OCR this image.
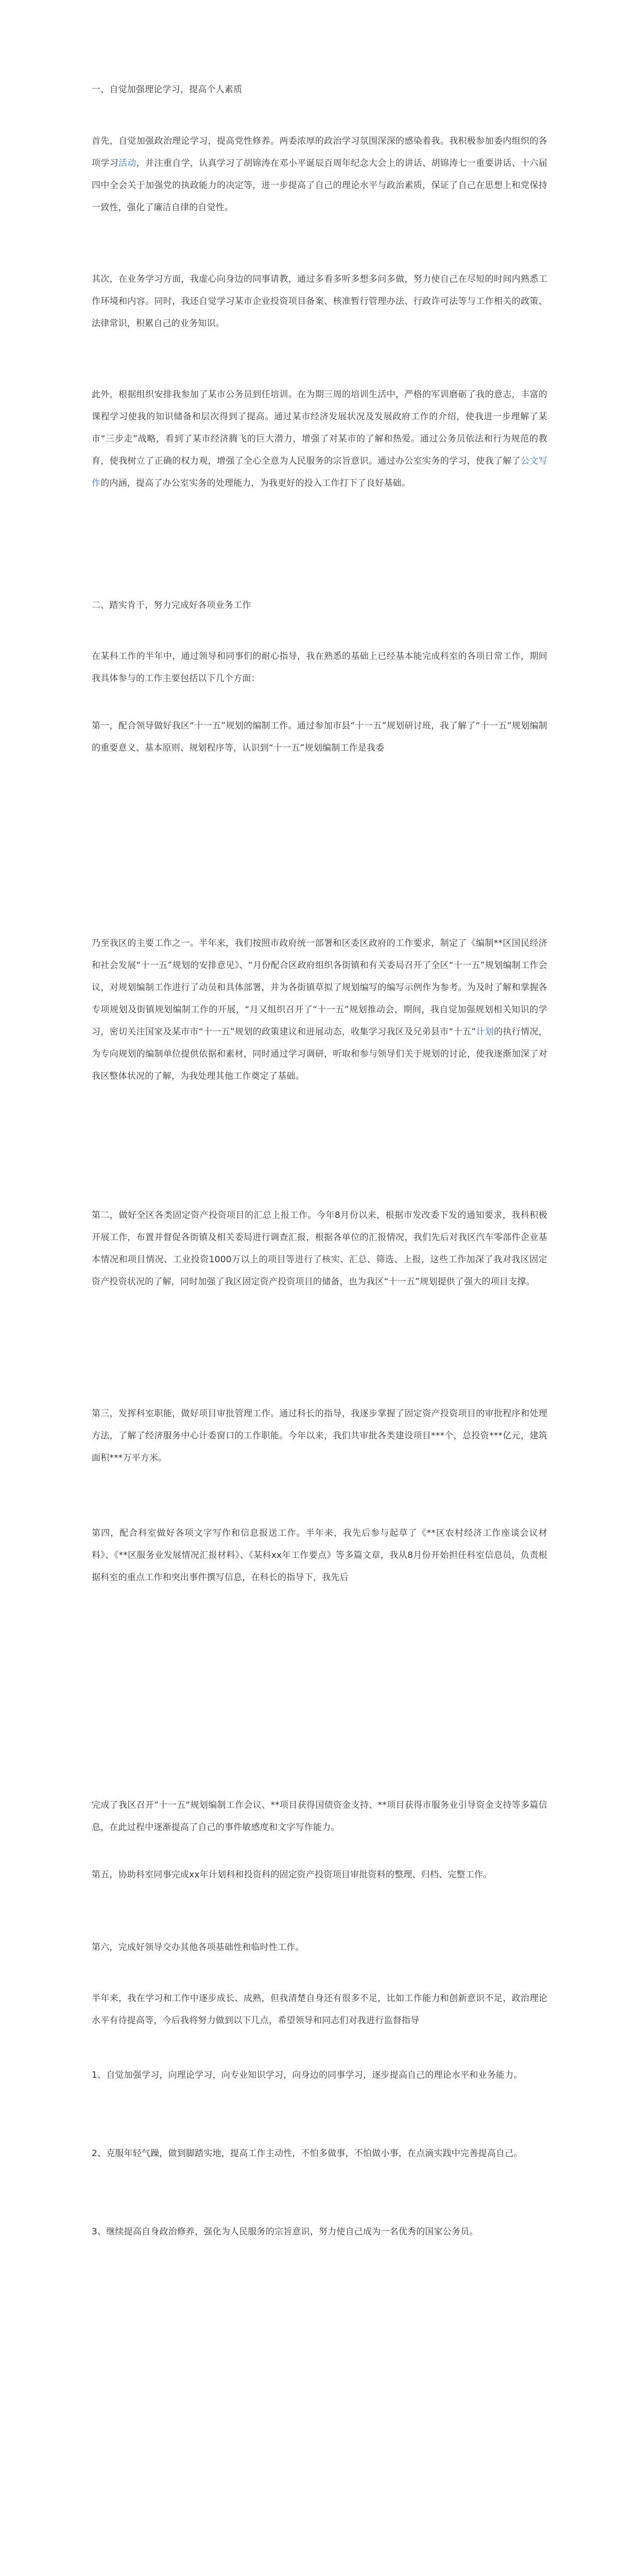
一、自觉加强理论学习，提高个人素质

首先，自觉加强政治理论学习，提高党性修养。两委浓厚的政治学习氛围深深的感染着我。我积极参加委内组织的各项学习活动，并注重自学，认真学习了胡锦涛在邓小平诞辰百周年纪念大会上的讲话、胡锦涛七一重要讲话、十六届四中全会关于加强党的执政能力的决定等，进一步提高了自己的理论水平与政治素质，保证了自己在思想上和党保持一致性，强化了廉洁自律的自觉性。

其次，在业务学习方面，我虚心向身边的同事请教，通过多看多听多想多问多做，努力使自己在尽短的时间内熟悉工作环境和内容。同时，我还自觉学习某市企业投资项目备案、核准暂行管理办法、行政许可法等与工作相关的政策、法律常识，积累自己的业务知识。

此外，根据组织安排我参加了某市公务员到任培训。在为期三周的培训生活中，严格的军训磨砺了我的意志，丰富的课程学习使我的知识储备和层次得到了提高。通过某市经济发展状况及发展政府工作的介绍，使我进一步理解了某市“三步走”战略，看到了某市经济腾飞的巨大潜力，增强了对某市的了解和热爱。通过公务员依法和行为规范的教育，使我树立了正确的权力观，增强了全心全意为人民服务的宗旨意识。通过办公室实务的学习，使我了解了公文写作的内涵，提高了办公室实务的处理能力，为我更好的投入工作打下了良好基础。

二、踏实肯干，努力完成好各项业务工作

在某科工作的半年中，通过领导和同事们的耐心指导，我在熟悉的基础上已经基本能完成科室的各项日常工作，期间我具体参与的工作主要包括以下几个方面：

第一，配合领导做好我区“十一五”规划的编制工作。通过参加市县“十一五”规划研讨班，我了解了“十一五”规划编制的重要意义、基本原则、规划程序等，认识到“十一五”规划编制工作是我委

乃至我区的主要工作之一。半年来，我们按照市政府统一部署和区委区政府的工作要求，制定了《编制**区国民经济和社会发展“十一五”规划的安排意见》、“月份配合区政府组织各街镇和有关委局召开了全区“十一五”规划编制工作会议，对规划编制工作进行了动员和具体部署，并为各街镇草拟了规划编写的编写示例作为参考。为及时了解和掌握各专项规划及街镇规划编制工作的开展，“月又组织召开了“十一五”规划推动会，期间，我自觉加强规划相关知识的学习，密切关注国家及某市市“十一五”规划的政策建议和进展动态，收集学习我区及兄弟县市“十五”计划的执行情况，为专向规划的编制单位提供依据和素材，同时通过学习调研，听取和参与领导们关于规划的讨论，使我逐渐加深了对我区整体状况的了解，为我处理其他工作奠定了基础。

第二，做好全区各类固定资产投资项目的汇总上报工作。今年8月份以来，根据市发改委下发的通知要求，我科积极开展工作，布置并督促各街镇及相关委局进行调查汇报，根据各单位的汇报情况，我们先后对我区汽车零部件企业基本情况和项目情况、工业投资1000万以上的项目等进行了核实、汇总、筛选、上报，这些工作加深了我对我区固定资产投资状况的了解，同时加强了我区固定资产投资项目的储备，也为我区“十一五”规划提供了强大的项目支撑。

第三，发挥科室职能，做好项目审批管理工作。通过科长的指导，我逐步掌握了固定资产投资项目的审批程序和处理方法，了解了经济服务中心计委窗口的工作职能。今年以来，我们共审批各类建设项目***个，总投资***亿元，建筑面积***万平方米。

第四，配合科室做好各项文字写作和信息报送工作。半年来，我先后参与起草了《**区农村经济工作座谈会议材料》、《**区服务业发展情况汇报材料》、《某科xx年工作要点》等多篇文章，我从8月份开始担任科室信息员，负责根据科室的重点工作和突出事件撰写信息，在科长的指导下，我先后

完成了我区召开“十一五”规划编制工作会议、**项目获得国债资金支持、**项目获得市服务业引导资金支持等多篇信息，在此过程中逐渐提高了自己的事件敏感度和文字写作能力。

第五，协助科室同事完成xx年计划科和投资科的固定资产投资项目审批资料的整理、归档、完整工作。

第六，完成好领导交办其他各项基础性和临时性工作。

半年来，我在学习和工作中逐步成长、成熟，但我清楚自身还有很多不足，比如工作能力和创新意识不足，政治理论水平有待提高等，今后我将努力做到以下几点，希望领导和同志们对我进行监督指导

1、自觉加强学习，向理论学习，向专业知识学习，向身边的同事学习，逐步提高自己的理论水平和业务能力。

2、克服年轻气躁，做到脚踏实地，提高工作主动性，不怕多做事，不怕做小事，在点滴实践中完善提高自己。

3、继续提高自身政治修养，强化为人民服务的宗旨意识，努力使自己成为一名优秀的国家公务员。
